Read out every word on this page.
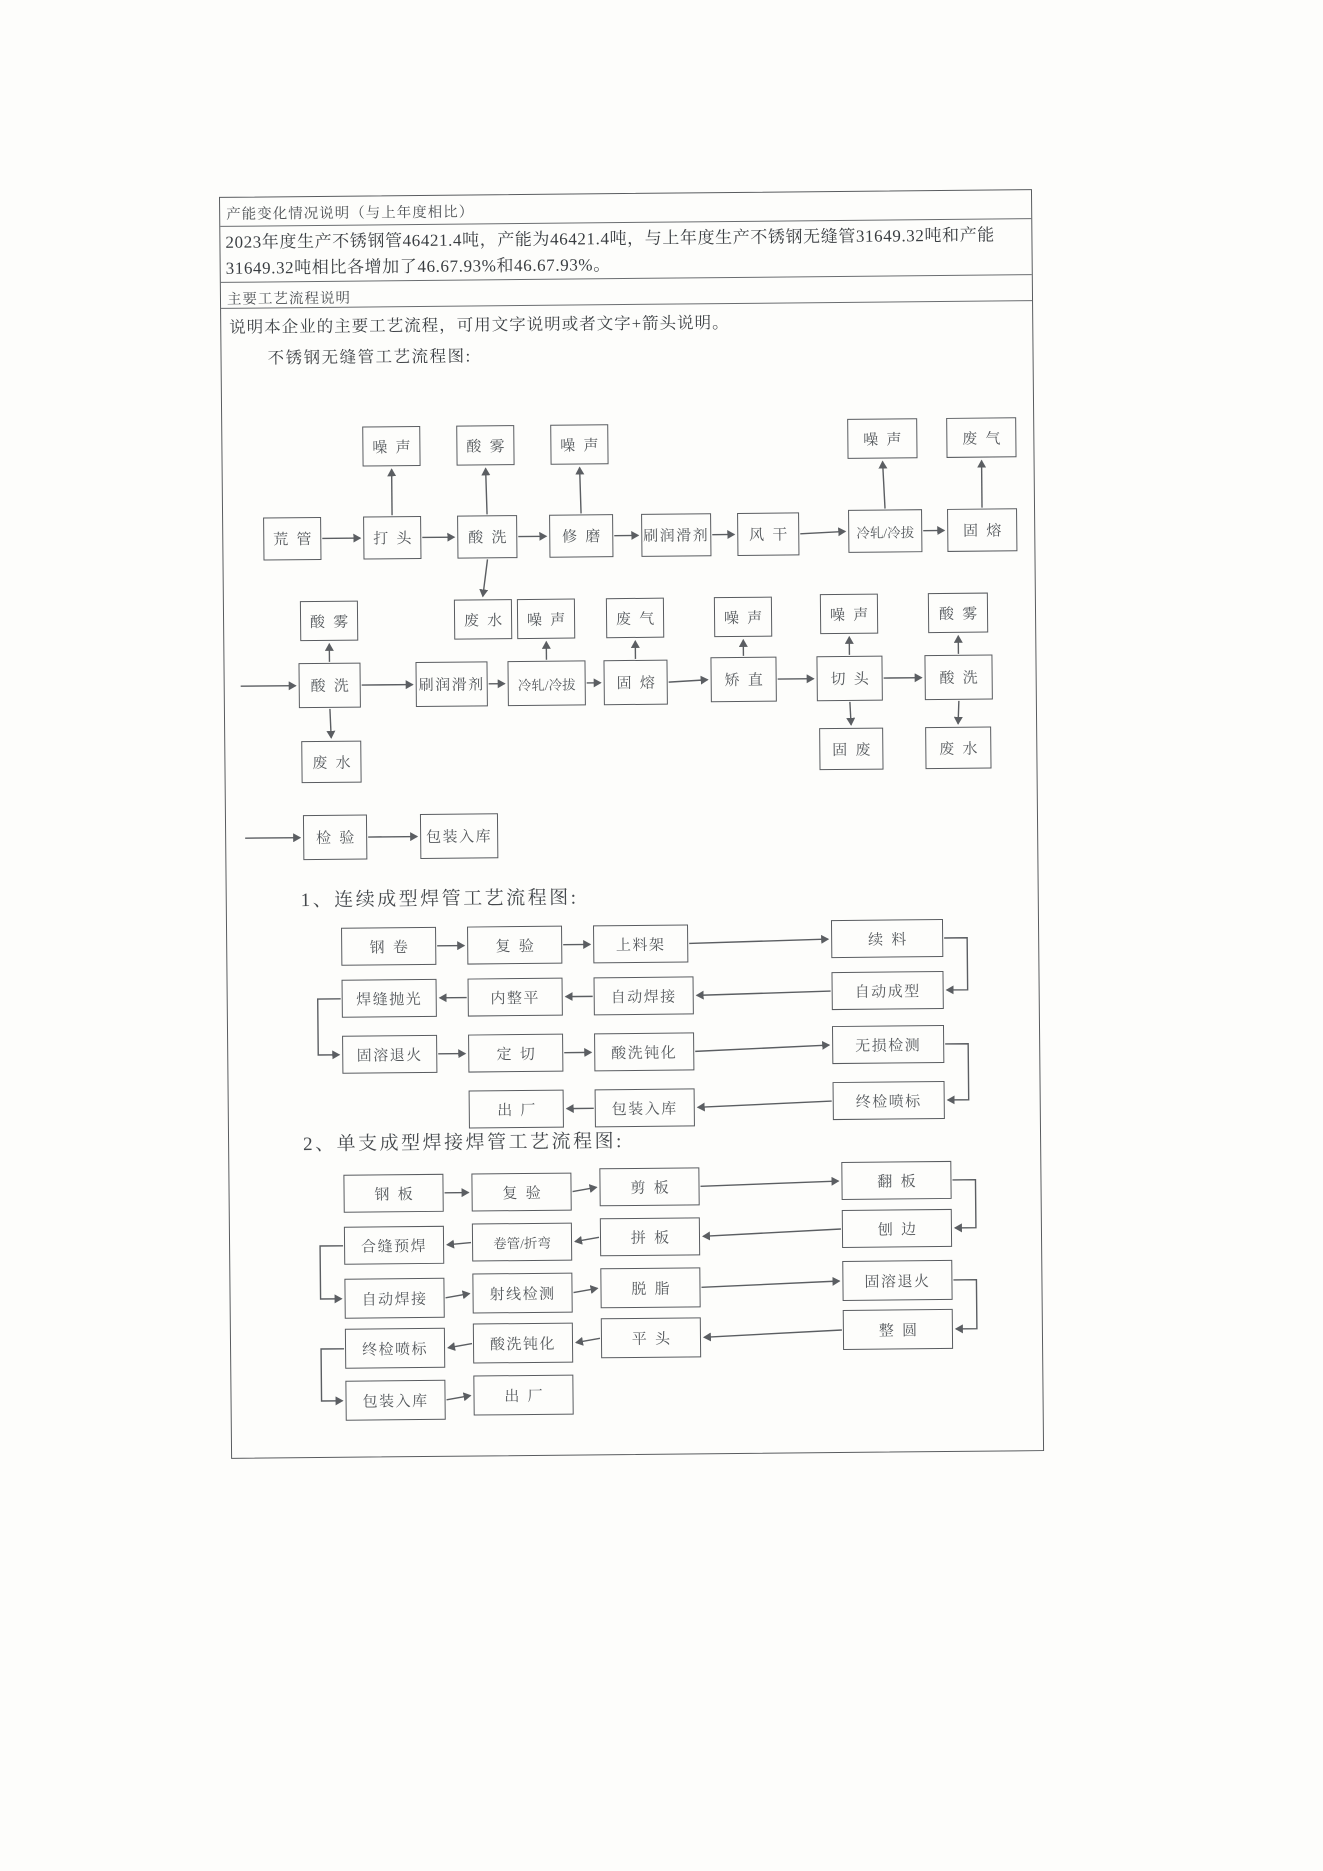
产能变化情况说明（与上年度相比）
2023年度生产不锈钢管46421.4吨，产能为46421.4吨，与上年度生产不锈钢无缝管31649.32吨和产能31649.32吨相比各增加了46.67.93%和46.67.93%。
主要工艺流程说明
说明本企业的主要工艺流程，可用文字说明或者文字+箭头说明。
不锈钢无缝管工艺流程图:
1、连续成型焊管工艺流程图:
2、单支成型焊接焊管工艺流程图:
噪声	酸雾	噪声	噪声	废气
荒管	打头	酸洗	修磨	刷润滑剂	风干	冷轧/冷拔	固熔
酸雾	废水	噪声	废气	噪声	噪声	酸雾
酸洗	刷润滑剂	冷轧/冷拔	固熔	矫直	切头	酸洗
废水
固废	废水
检验	包装入库
钢卷	复验	上料架	续料
焊缝抛光	内整平	自动焊接	自动成型
固溶退火	定切	酸洗钝化	无损检测
出厂	包装入库	终检喷标
钢板	复验	剪板	翻板
合缝预焊	卷管/折弯	拼板
刨边
自动焊接	射线检测	脱脂	固溶退火
终检喷标	酸洗钝化	平头
整圆
包装入库	出厂
